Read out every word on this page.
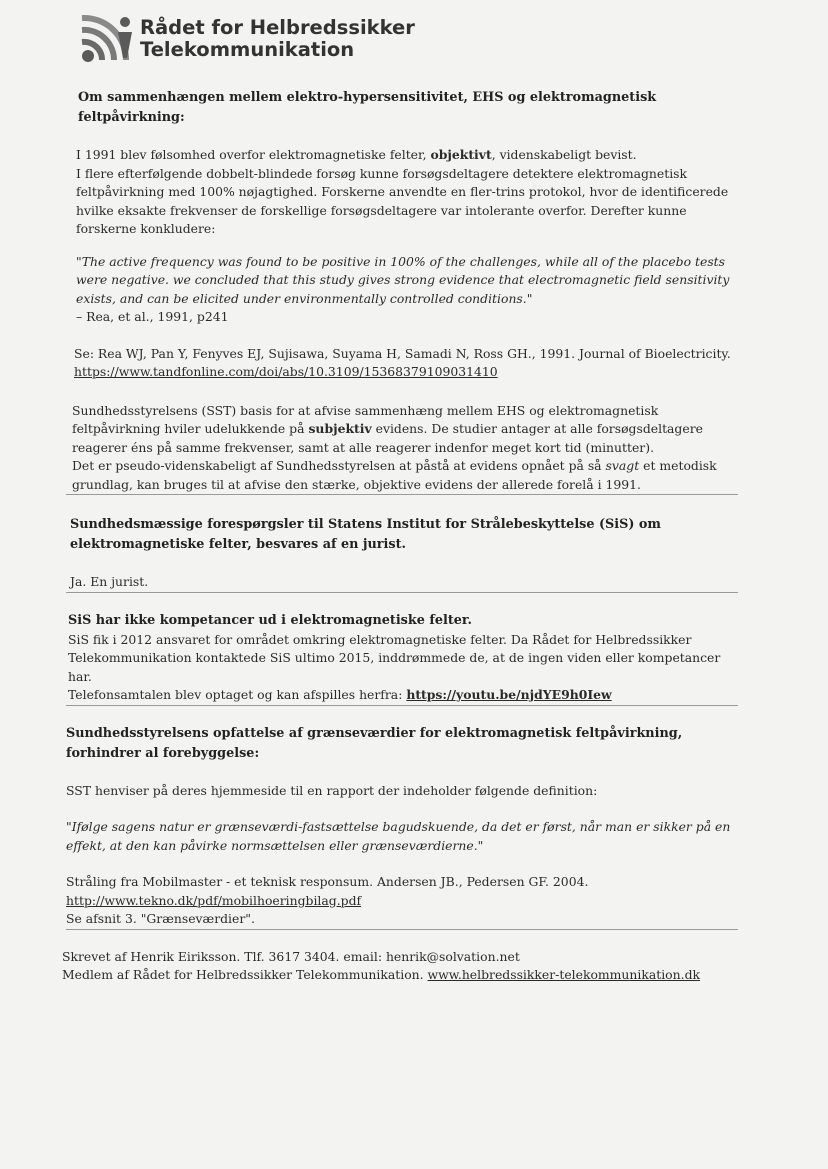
Rådet for Helbredssikker
Telekommunikation
Om sammenhængen mellem elektro-hypersensitivitet, EHS og elektromagnetisk feltpåvirkning:

I 1991 blev følsomhed overfor elektromagnetiske felter, objektivt, videnskabeligt bevist.
I flere efterfølgende dobbelt-blindede forsøg kunne forsøgsdeltagere detektere elektromagnetisk feltpåvirkning med 100% nøjagtighed. Forskerne anvendte en fler-trins protokol, hvor de identificerede hvilke eksakte frekvenser de forskellige forsøgsdeltagere var intolerante overfor. Derefter kunne forskerne konkludere:

"The active frequency was found to be positive in 100% of the challenges, while all of the placebo tests were negative. we concluded that this study gives strong evidence that electromagnetic field sensitivity exists, and can be elicited under environmentally controlled conditions."

– Rea, et al., 1991, p241

Se: Rea WJ, Pan Y, Fenyves EJ, Sujisawa, Suyama H, Samadi N, Ross GH., 1991. Journal of Bioelectricity.

https://www.tandfonline.com/doi/abs/10.3109/15368379109031410

Sundhedsstyrelsens (SST) basis for at afvise sammenhæng mellem EHS og elektromagnetisk feltpåvirkning hviler udelukkende på subjektiv evidens. De studier antager at alle forsøgsdeltagere reagerer éns på samme frekvenser, samt at alle reagerer indenfor meget kort tid (minutter).
Det er pseudo-videnskabeligt af Sundhedsstyrelsen at påstå at evidens opnået på så svagt et metodisk grundlag, kan bruges til at afvise den stærke, objektive evidens der allerede forelå i 1991.

Sundhedsmæssige forespørgsler til Statens Institut for Strålebeskyttelse (SiS) om elektromagnetiske felter, besvares af en jurist.

Ja. En jurist.

SiS har ikke kompetancer ud i elektromagnetiske felter.

SiS fik i 2012 ansvaret for området omkring elektromagnetiske felter. Da Rådet for Helbredssikker Telekommunikation kontaktede SiS ultimo 2015, inddrømmede de, at de ingen viden eller kompetancer har.

Telefonsamtalen blev optaget og kan afspilles herfra: https://youtu.be/njdYE9h0Iew

Sundhedsstyrelsens opfattelse af grænseværdier for elektromagnetisk feltpåvirkning, forhindrer al forebyggelse:

SST henviser på deres hjemmeside til en rapport der indeholder følgende definition:

"Ifølge sagens natur er grænseværdi-fastsættelse bagudskuende, da det er først, når man er sikker på en effekt, at den kan påvirke normsættelsen eller grænseværdierne."

Stråling fra Mobilmaster - et teknisk responsum. Andersen JB., Pedersen GF. 2004.

http://www.tekno.dk/pdf/mobilhoeringbilag.pdf

Se afsnit 3. "Grænseværdier".

Skrevet af Henrik Eiriksson. Tlf. 3617 3404. email: henrik@solvation.net

Medlem af Rådet for Helbredssikker Telekommunikation. www.helbredssikker-telekommunikation.dk
